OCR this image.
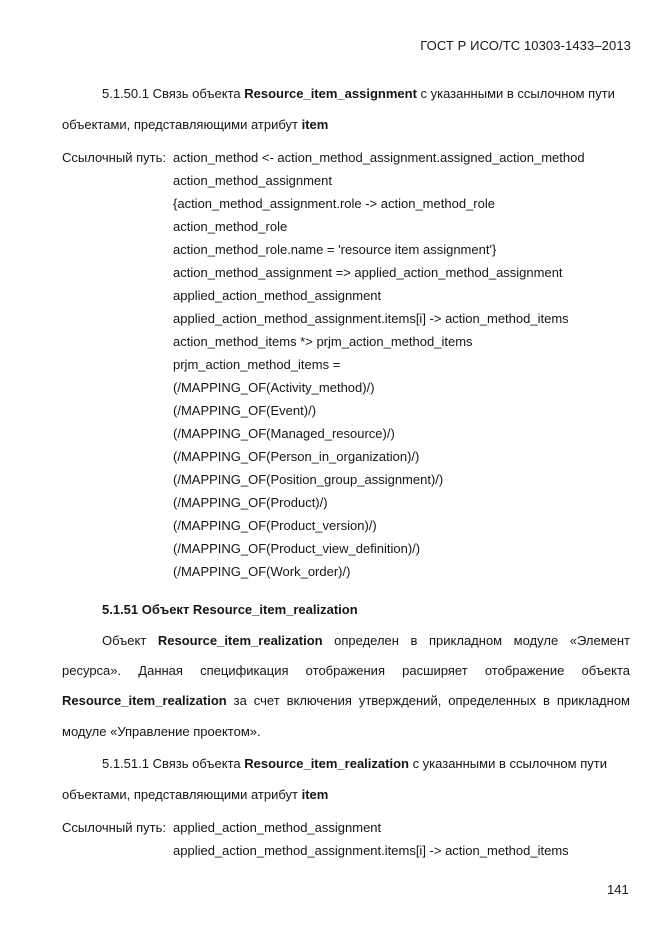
ГОСТ Р ИСО/ТС 10303-1433–2013
5.1.50.1 Связь объекта Resource_item_assignment с указанными в ссылочном пути
объектами, представляющими атрибут item
Ссылочный путь: action_method <- action_method_assignment.assigned_action_method
action_method_assignment
{action_method_assignment.role -> action_method_role
action_method_role
action_method_role.name = 'resource item assignment'}
action_method_assignment => applied_action_method_assignment
applied_action_method_assignment
applied_action_method_assignment.items[i] -> action_method_items
action_method_items *> prjm_action_method_items
prjm_action_method_items =
(/MAPPING_OF(Activity_method)/)
(/MAPPING_OF(Event)/)
(/MAPPING_OF(Managed_resource)/)
(/MAPPING_OF(Person_in_organization)/)
(/MAPPING_OF(Position_group_assignment)/)
(/MAPPING_OF(Product)/)
(/MAPPING_OF(Product_version)/)
(/MAPPING_OF(Product_view_definition)/)
(/MAPPING_OF(Work_order)/)
5.1.51 Объект Resource_item_realization
Объект Resource_item_realization определен в прикладном модуле «Элемент
ресурса». Данная спецификация отображения расширяет отображение объекта
Resource_item_realization за счет включения утверждений, определенных в прикладном
модуле «Управление проектом».
5.1.51.1 Связь объекта Resource_item_realization с указанными в ссылочном пути
объектами, представляющими атрибут item
Ссылочный путь: applied_action_method_assignment
applied_action_method_assignment.items[i] -> action_method_items
141
